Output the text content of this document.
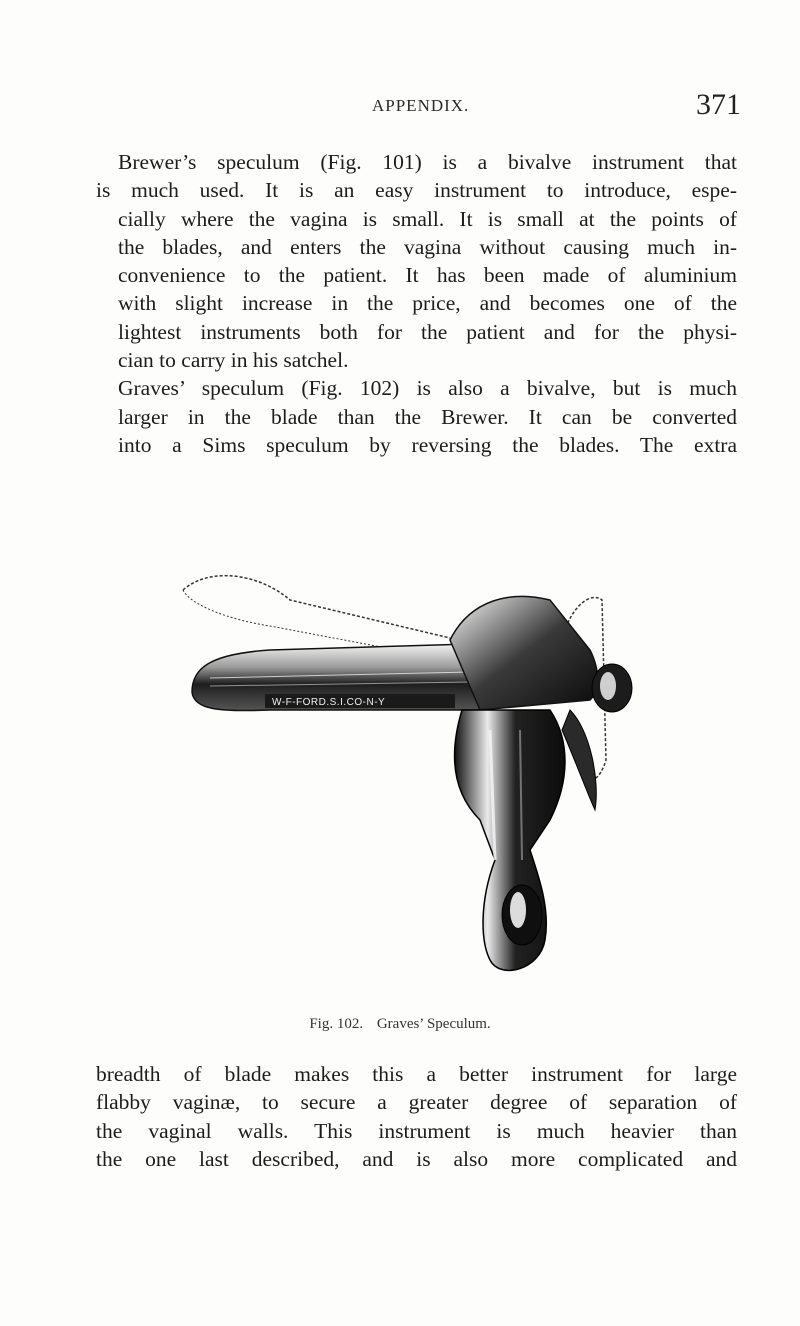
APPENDIX.	371

Brewer’s speculum (Fig. 101) is a bivalve instrument that
is much used. It is an easy instrument to introduce, espe-
cially where the vagina is small. It is small at the points of
the blades, and enters the vagina without causing much in-
convenience to the patient. It has been made of aluminium
with slight increase in the price, and becomes one of the
lightest instruments both for the patient and for the physi-
cian to carry in his satchel.

Graves’ speculum (Fig. 102) is also a bivalve, but is much
larger in the blade than the Brewer. It can be converted
into a Sims speculum by reversing the blades. The extra

W-F-FORD.S.I.CO-N-Y
Fig. 102. Graves’ Speculum.

breadth of blade makes this a better instrument for large
flabby vaginæ, to secure a greater degree of separation of
the vaginal walls. This instrument is much heavier than
the one last described, and is also more complicated and
